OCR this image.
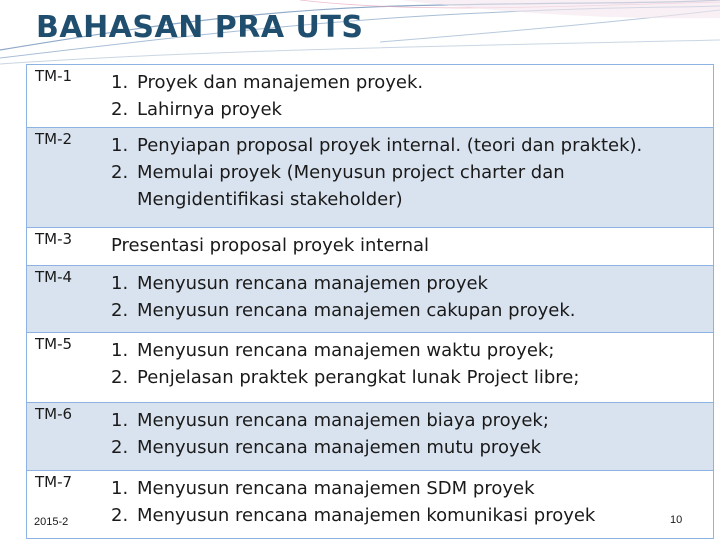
BAHASAN PRA UTS
TM-1	1. Proyek dan manajemen proyek.
2. Lahirnya proyek

TM-2	1. Penyiapan proposal proyek internal. (teori dan praktek).
2. Memulai proyek (Menyusun project charter dan
Mengidentifikasi stakeholder)

TM-3	Presentasi proposal proyek internal

TM-4	1. Menyusun rencana manajemen proyek
2. Menyusun rencana manajemen cakupan proyek.

TM-5	1. Menyusun rencana manajemen waktu proyek;
2. Penjelasan praktek perangkat lunak Project libre;

TM-6	1. Menyusun rencana manajemen biaya proyek;
2. Menyusun rencana manajemen mutu proyek

TM-7	1. Menyusun rencana manajemen SDM proyek
2. Menyusun rencana manajemen komunikasi proyek
2015-2	10
